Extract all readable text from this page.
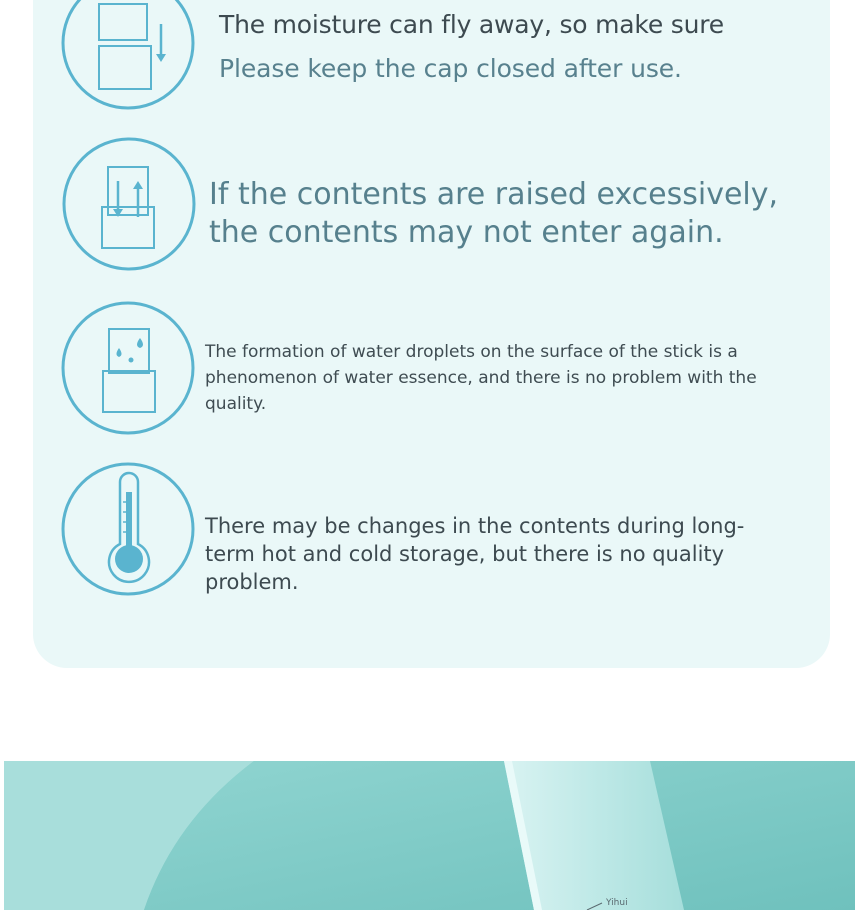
The moisture can fly away, so make sure

Please keep the cap closed after use.

If the contents are raised excessively, the contents may not enter again.

The formation of water droplets on the surface of the stick is a phenomenon of water essence, and there is no problem with the quality.

There may be changes in the contents during long-term hot and cold storage, but there is no quality problem.

Yihui
